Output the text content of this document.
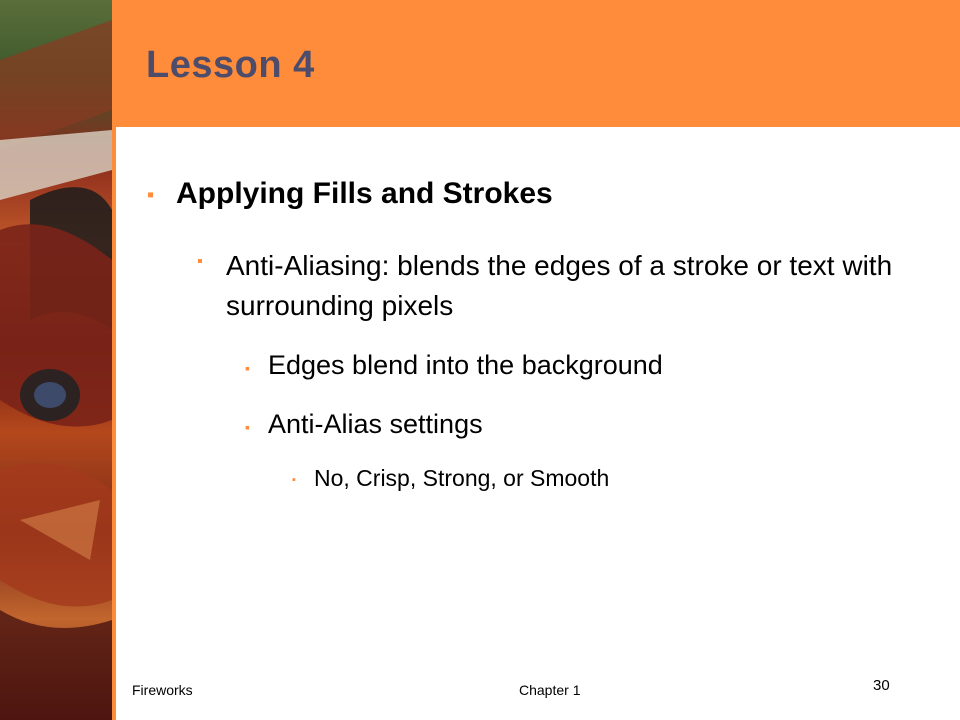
Lesson 4
▪ Applying Fills and Strokes

▪ Anti-Aliasing: blends the edges of a stroke or text with surrounding pixels

▪ Edges blend into the background

▪ Anti-Alias settings

▪ No, Crisp, Strong, or Smooth

Fireworks	Chapter 1	30
